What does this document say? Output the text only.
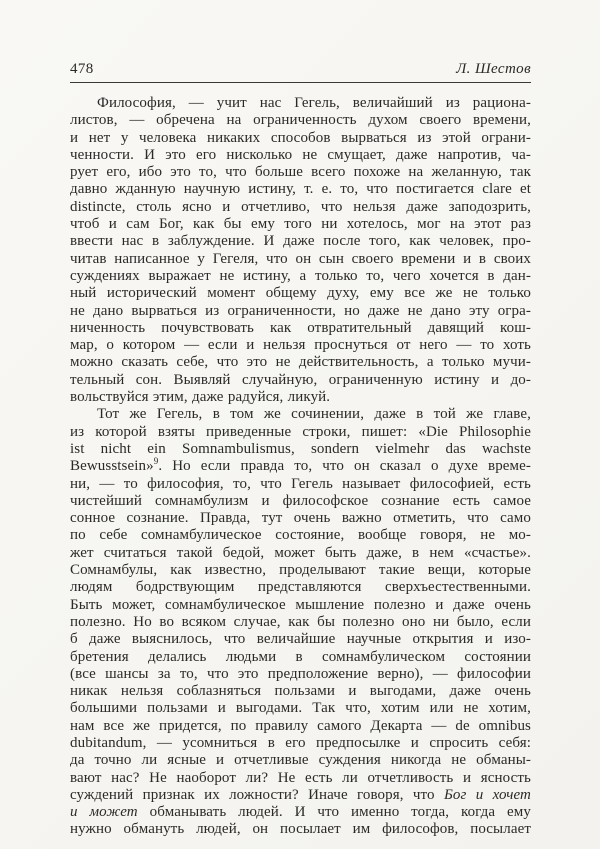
478	Л. Шестов
Философия, — учит нас Гегель, величайший из рациона-
листов, — обречена на ограниченность духом своего времени,
и нет у человека никаких способов вырваться из этой ограни-
ченности. И это его нисколько не смущает, даже напротив, ча-
рует его, ибо это то, что больше всего похоже на желанную, так
давно жданную научную истину, т. е. то, что постигается clare et
distincte, столь ясно и отчетливо, что нельзя даже заподозрить,
чтоб и сам Бог, как бы ему того ни хотелось, мог на этот раз
ввести нас в заблуждение. И даже после того, как человек, про-
читав написанное у Гегеля, что он сын своего времени и в своих
суждениях выражает не истину, а только то, чего хочется в дан-
ный исторический момент общему духу, ему все же не только
не дано вырваться из ограниченности, но даже не дано эту огра-
ниченность почувствовать как отвратительный давящий кош-
мар, о котором — если и нельзя проснуться от него — то хоть
можно сказать себе, что это не действительность, а только мучи-
тельный сон. Выявляй случайную, ограниченную истину и до-
вольствуйся этим, даже радуйся, ликуй.
Тот же Гегель, в том же сочинении, даже в той же главе,
из которой взяты приведенные строки, пишет: «Die Philosophie
ist nicht ein Somnambulismus, sondern vielmehr das wachste
Bewusstsein»$^9$. Но если правда то, что он сказал о духе време-
ни, — то философия, то, что Гегель называет философией, есть
чистейший сомнамбулизм и философское сознание есть самое
сонное сознание. Правда, тут очень важно отметить, что само
по себе сомнамбулическое состояние, вообще говоря, не мо-
жет считаться такой бедой, может быть даже, в нем «счастье».
Сомнамбулы, как известно, проделывают такие вещи, которые
людям бодрствующим представляются сверхъестественными.
Быть может, сомнамбулическое мышление полезно и даже очень
полезно. Но во всяком случае, как бы полезно оно ни было, если
б даже выяснилось, что величайшие научные открытия и изо-
бретения делались людьми в сомнамбулическом состоянии
(все шансы за то, что это предположение верно), — философии
никак нельзя соблазняться пользами и выгодами, даже очень
большими пользами и выгодами. Так что, хотим или не хотим,
нам все же придется, по правилу самого Декарта — de omnibus
dubitandum, — усомниться в его предпосылке и спросить себя:
да точно ли ясные и отчетливые суждения никогда не обманы-
вают нас? Не наоборот ли? Не есть ли отчетливость и ясность
суждений признак их ложности? Иначе говоря, что Бог и хочет
и может обманывать людей. И что именно тогда, когда ему
нужно обмануть людей, он посылает им философов, посылает
